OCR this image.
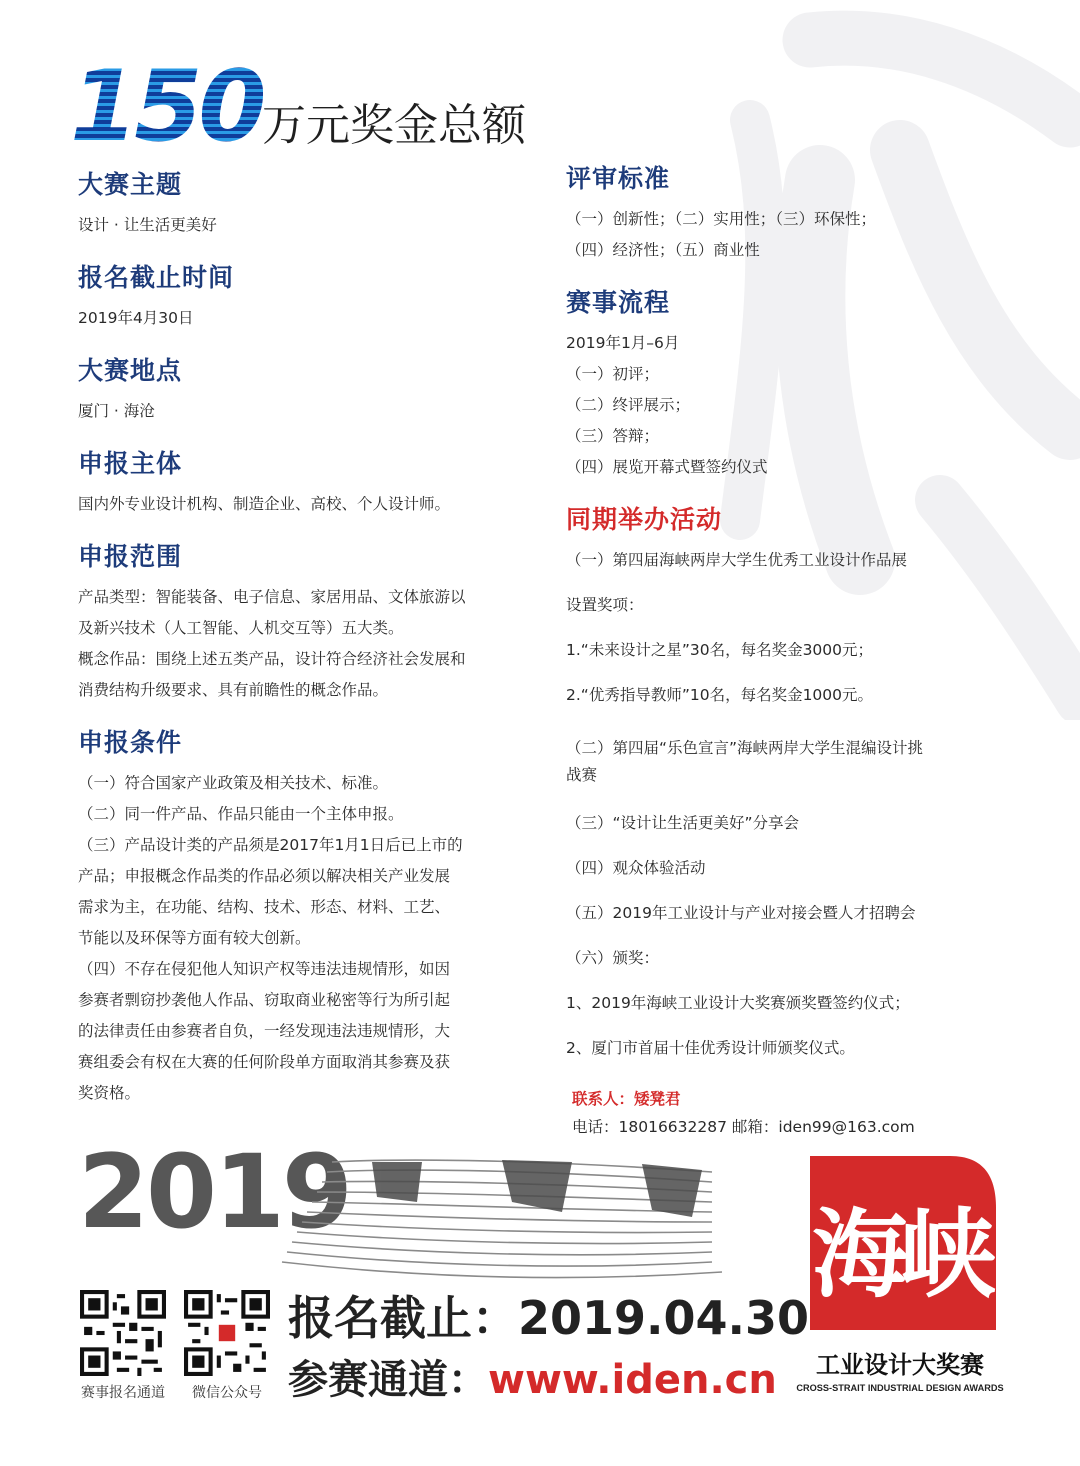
150 万元奖金总额
大赛主题

设计 · 让生活更美好

报名截止时间

2019年4月30日

大赛地点

厦门 · 海沧

申报主体

国内外专业设计机构、制造企业、高校、个人设计师。

申报范围

产品类型：智能装备、电子信息、家居用品、文体旅游以

及新兴技术（人工智能、人机交互等）五大类。

概念作品：围绕上述五类产品，设计符合经济社会发展和

消费结构升级要求、具有前瞻性的概念作品。

申报条件

（一）符合国家产业政策及相关技术、标准。

（二）同一件产品、作品只能由一个主体申报。

（三）产品设计类的产品须是2017年1月1日后已上市的

产品；申报概念作品类的作品必须以解决相关产业发展

需求为主，在功能、结构、技术、形态、材料、工艺、

节能以及环保等方面有较大创新。

（四）不存在侵犯他人知识产权等违法违规情形，如因

参赛者剽窃抄袭他人作品、窃取商业秘密等行为所引起

的法律责任由参赛者自负，一经发现违法违规情形，大

赛组委会有权在大赛的任何阶段单方面取消其参赛及获

奖资格。

评审标准

（一）创新性；（二）实用性；（三）环保性；

（四）经济性；（五）商业性

赛事流程

2019年1月–6月

（一）初评；

（二）终评展示；

（三）答辩；

（四）展览开幕式暨签约仪式

同期举办活动

（一）第四届海峡两岸大学生优秀工业设计作品展

设置奖项：

1.“未来设计之星”30名，每名奖金3000元；

2.“优秀指导教师”10名，每名奖金1000元。

（二）第四届“乐色宣言”海峡两岸大学生混编设计挑

战赛

（三）“设计让生活更美好”分享会

（四）观众体验活动

（五）2019年工业设计与产业对接会暨人才招聘会

（六）颁奖：

1、2019年海峡工业设计大奖赛颁奖暨签约仪式；

2、厦门市首届十佳优秀设计师颁奖仪式。

联系人：矮凳君
电话：18016632287 邮箱：iden99@163.com
2019
赛事报名通道	微信公众号
报名截止：2019.04.30
参赛通道：www.iden.cn
海峡
工业设计大奖赛
CROSS-STRAIT INDUSTRIAL DESIGN AWARDS
